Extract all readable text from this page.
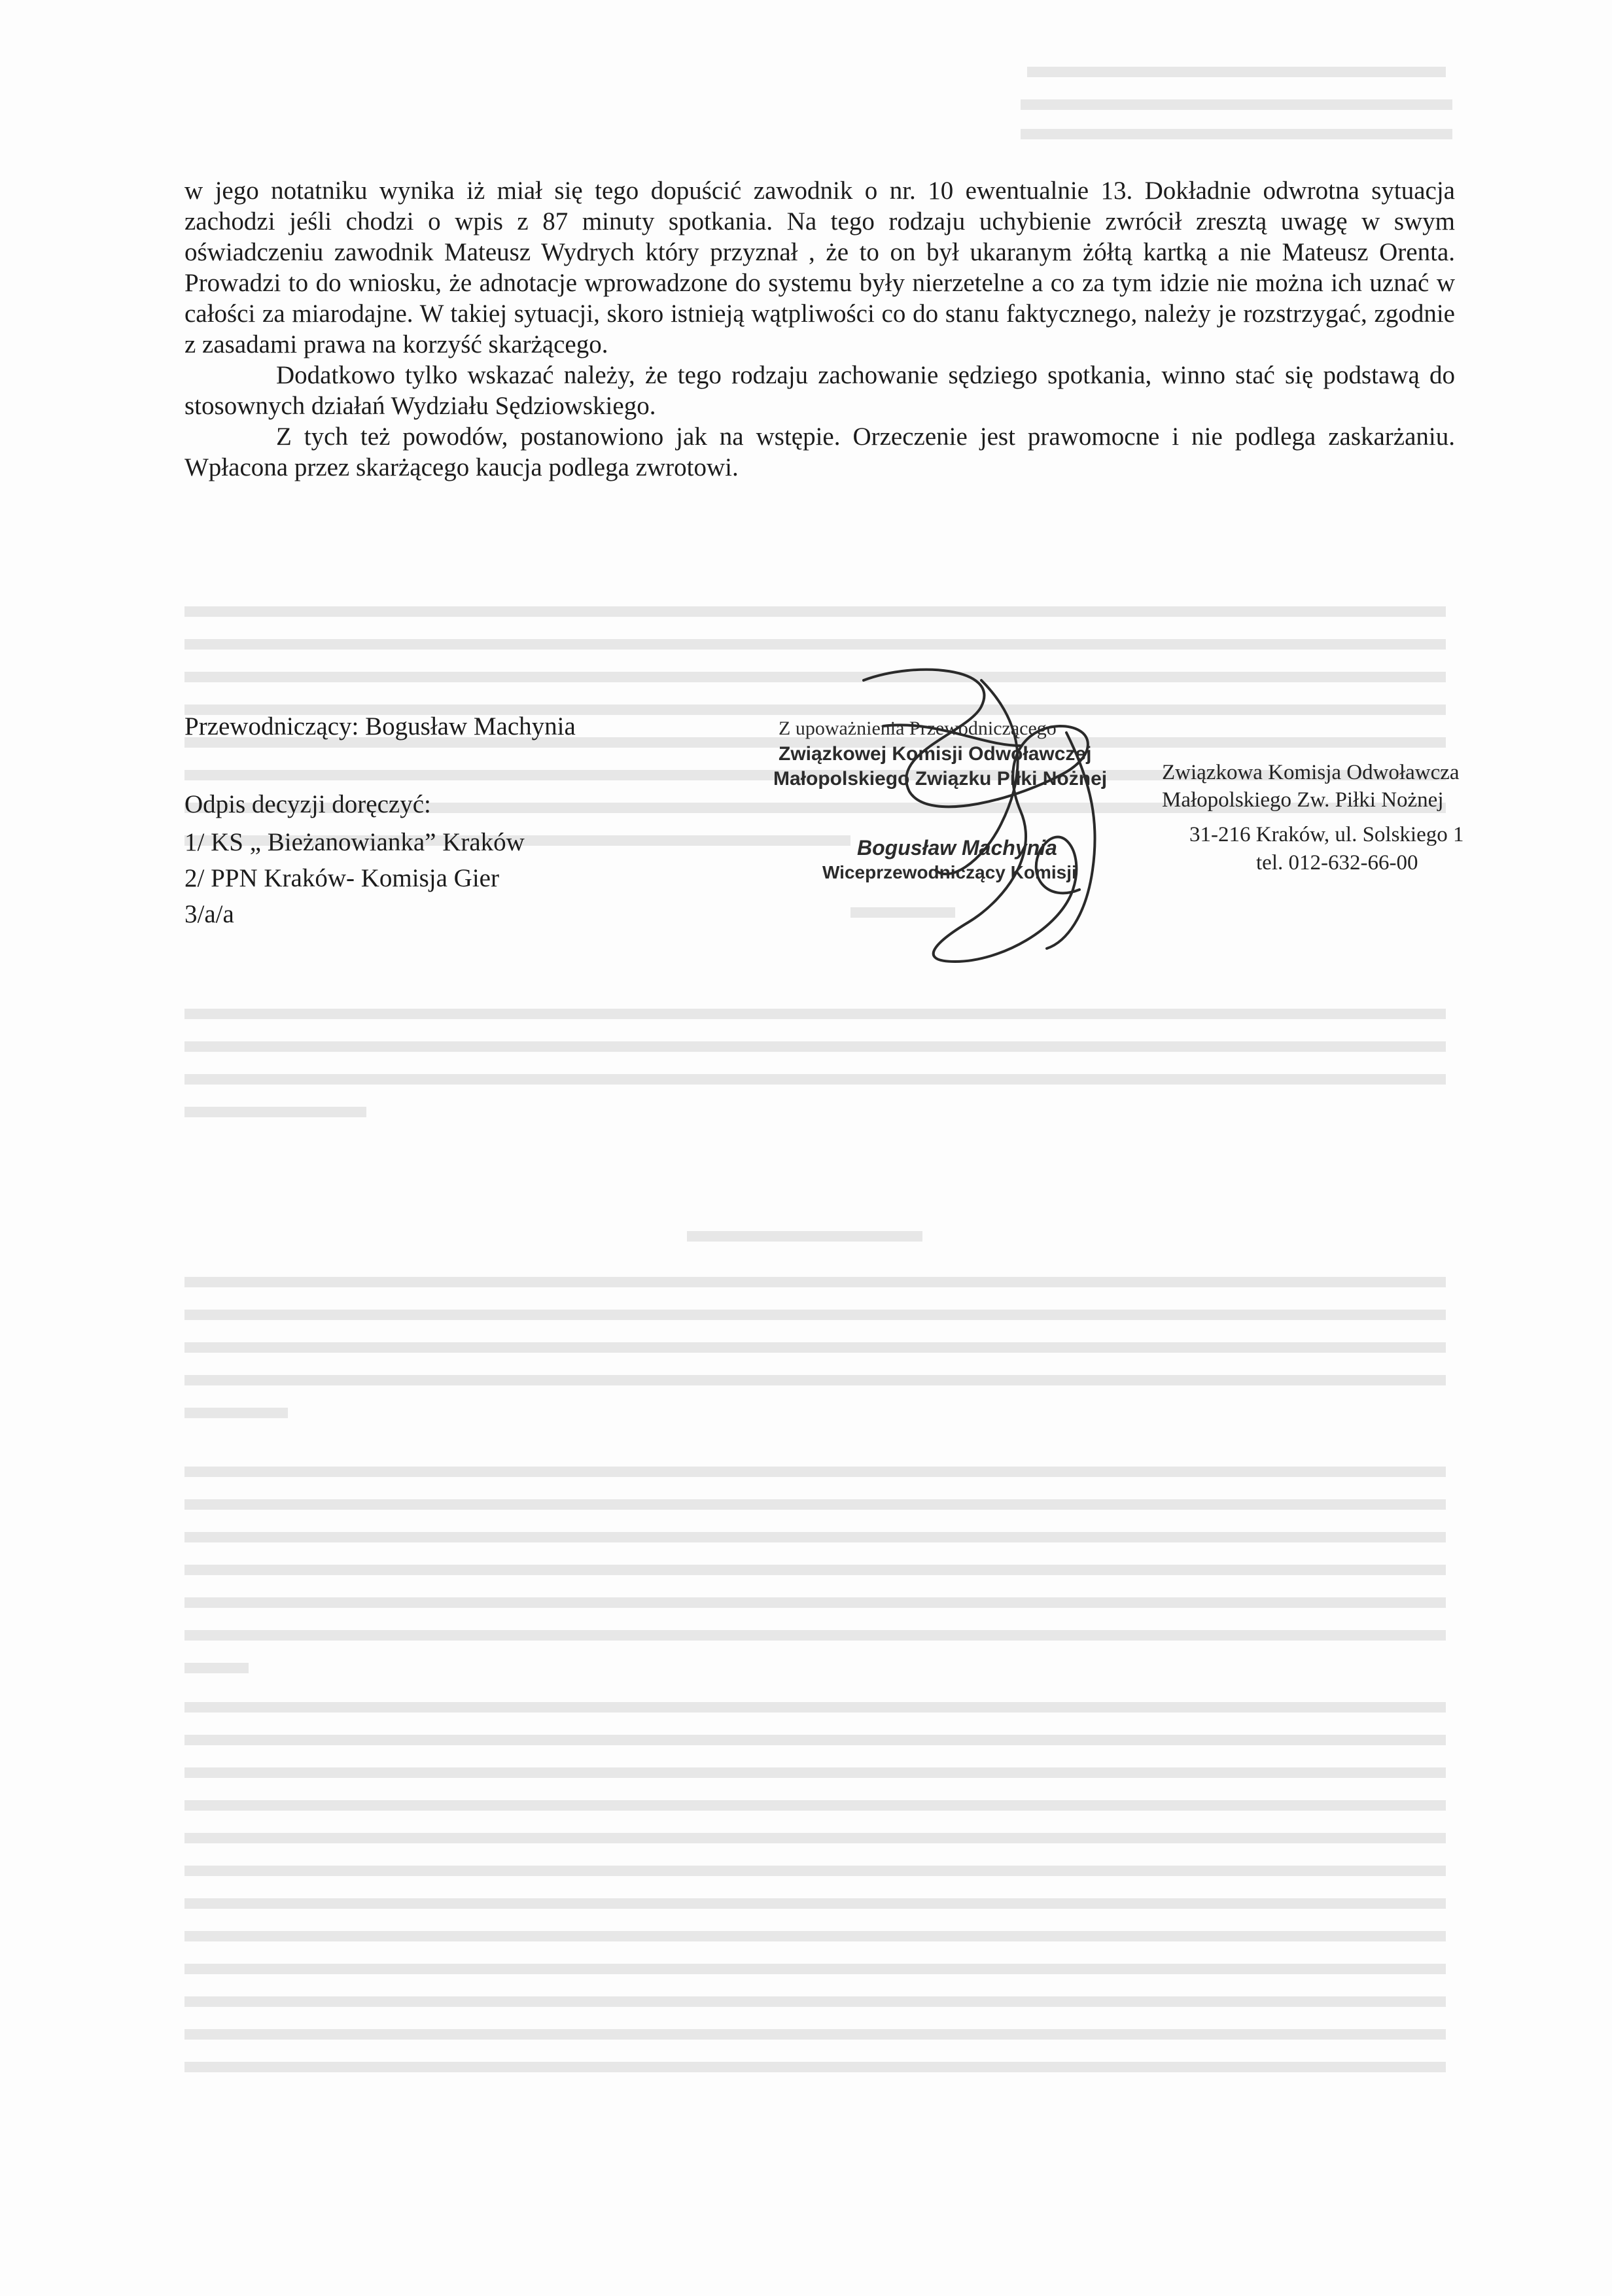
w jego notatniku wynika iż miał się tego dopuścić zawodnik o nr. 10 ewentualnie 13. Dokładnie odwrotna sytuacja zachodzi jeśli chodzi o wpis z 87 minuty spotkania. Na tego rodzaju uchybienie zwrócił zresztą uwagę w swym oświadczeniu zawodnik Mateusz Wydrych który przyznał , że to on był ukaranym żółtą kartką a nie Mateusz Orenta. Prowadzi to do wniosku, że adnotacje wprowadzone do systemu były nierzetelne a co za tym idzie nie można ich uznać w całości za miarodajne. W takiej sytuacji, skoro istnieją wątpliwości co do stanu faktycznego, należy je rozstrzygać, zgodnie z zasadami prawa na korzyść skarżącego.

Dodatkowo tylko wskazać należy, że tego rodzaju zachowanie sędziego spotkania, winno stać się podstawą do stosownych działań Wydziału Sędziowskiego.

Z tych też powodów, postanowiono jak na wstępie. Orzeczenie jest prawomocne i nie podlega zaskarżaniu. Wpłacona przez skarżącego kaucja podlega zwrotowi.

Przewodniczący: Bogusław Machynia
Odpis decyzji doręczyć:
1/ KS „ Bieżanowianka” Kraków
2/ PPN Kraków- Komisja Gier
3/a/a
Z upoważnienia Przewodniczącego
Związkowej Komisji Odwoławczej
Małopolskiego Związku Piłki Nożnej
Bogusław Machynia
Wiceprzewodniczący Komisji
Związkowa Komisja Odwoławcza
Małopolskiego Zw. Piłki Nożnej
31-216 Kraków, ul. Solskiego 1
tel. 012-632-66-00
